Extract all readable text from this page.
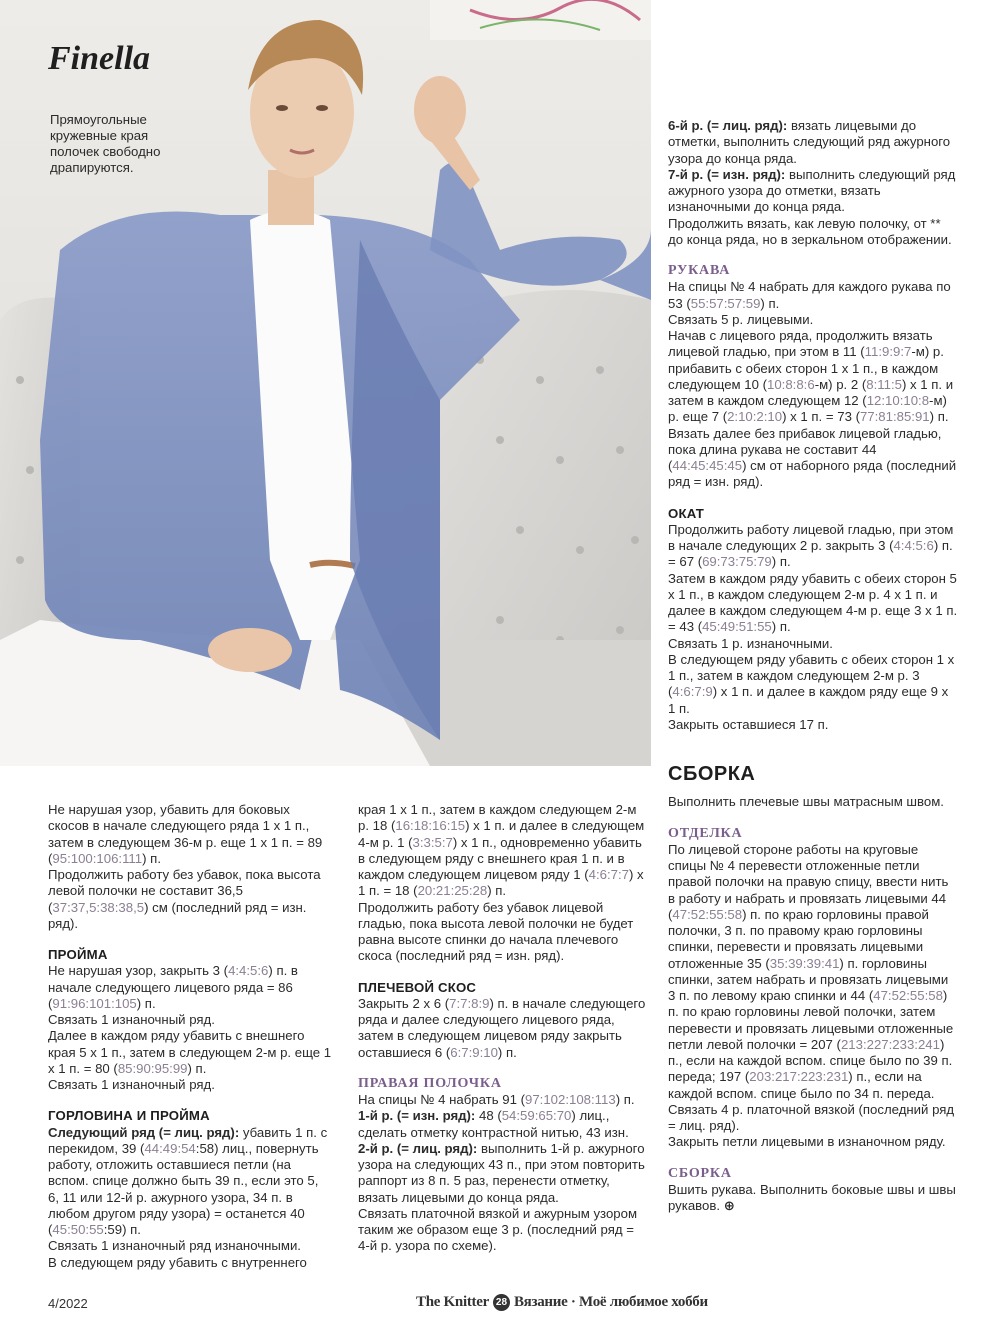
Finella

Прямоугольные кружевные края полочек свободно драпируются.

6-й р. (= лиц. ряд): вязать лицевыми до отметки, выполнить следующий ряд ажурного узора до конца ряда.

7-й р. (= изн. ряд): выполнить следующий ряд ажурного узора до отметки, вязать изнаночными до конца ряда.

Продолжить вязать, как левую полочку, от ** до конца ряда, но в зеркальном отображении.

РУКАВА

На спицы № 4 набрать для каждого рукава по 53 (55:57:57:59) п.

Связать 5 р. лицевыми.

Начав с лицевого ряда, продолжить вязать лицевой гладью, при этом в 11 (11:9:9:7-м) р. прибавить с обеих сторон 1 х 1 п., в каждом следующем 10 (10:8:8:6-м) р. 2 (8:11:5) х 1 п. и затем в каждом следующем 12 (12:10:10:8-м) р. еще 7 (2:10:2:10) х 1 п. = 73 (77:81:85:91) п.

Вязать далее без прибавок лицевой гладью, пока длина рукава не составит 44 (44:45:45:45) см от наборного ряда (последний ряд = изн. ряд).

ОКАТ

Продолжить работу лицевой гладью, при этом в начале следующих 2 р. закрыть 3 (4:4:5:6) п. = 67 (69:73:75:79) п.

Затем в каждом ряду убавить с обеих сторон 5 х 1 п., в каждом следующем 2-м р. 4 х 1 п. и далее в каждом следующем 4-м р. еще 3 х 1 п. = 43 (45:49:51:55) п.

Связать 1 р. изнаночными.

В следующем ряду убавить с обеих сторон 1 х 1 п., затем в каждом следующем 2-м р. 3 (4:6:7:9) х 1 п. и далее в каждом ряду еще 9 х 1 п.

Закрыть оставшиеся 17 п.

СБОРКА

Выполнить плечевые швы матрасным швом.

ОТДЕЛКА

По лицевой стороне работы на круговые спицы № 4 перевести отложенные петли правой полочки на правую спицу, ввести нить в работу и набрать и провязать лицевыми 44 (47:52:55:58) п. по краю горловины правой полочки, 3 п. по правому краю горловины спинки, перевести и провязать лицевыми отложенные 35 (35:39:39:41) п. горловины спинки, затем набрать и провязать лицевыми 3 п. по левому краю спинки и 44 (47:52:55:58) п. по краю горловины левой полочки, затем перевести и провязать лицевыми отложенные петли левой полочки = 207 (213:227:233:241) п., если на каждой вспом. спице было по 39 п. переда; 197 (203:217:223:231) п., если на каждой вспом. спице было по 34 п. переда.

Связать 4 р. платочной вязкой (последний ряд = лиц. ряд).

Закрыть петли лицевыми в изнаночном ряду.

СБОРКА

Вшить рукава. Выполнить боковые швы и швы рукавов. ⊕

Не нарушая узор, убавить для боковых скосов в начале следующего ряда 1 х 1 п., затем в следующем 36-м р. еще 1 х 1 п. = 89 (95:100:106:111) п.

Продолжить работу без убавок, пока высота левой полочки не составит 36,5 (37:37,5:38:38,5) см (последний ряд = изн. ряд).

ПРОЙМА

Не нарушая узор, закрыть 3 (4:4:5:6) п. в начале следующего лицевого ряда = 86 (91:96:101:105) п.

Связать 1 изнаночный ряд.

Далее в каждом ряду убавить с внешнего края 5 х 1 п., затем в следующем 2-м р. еще 1 х 1 п. = 80 (85:90:95:99) п.

Связать 1 изнаночный ряд.

ГОРЛОВИНА И ПРОЙМА

Следующий ряд (= лиц. ряд): убавить 1 п. с перекидом, 39 (44:49:54:58) лиц., повернуть работу, отложить оставшиеся петли (на вспом. спице должно быть 39 п., если это 5, 6, 11 или 12-й р. ажурного узора, 34 п. в любом другом ряду узора) = останется 40 (45:50:55:59) п.

Связать 1 изнаночный ряд изнаночными.

В следующем ряду убавить с внутреннего

края 1 х 1 п., затем в каждом следующем 2-м р. 18 (16:18:16:15) х 1 п. и далее в следующем 4-м р. 1 (3:3:5:7) х 1 п., одновременно убавить в следующем ряду с внешнего края 1 п. и в каждом следующем лицевом ряду 1 (4:6:7:7) х 1 п. = 18 (20:21:25:28) п.

Продолжить работу без убавок лицевой гладью, пока высота левой полочки не будет равна высоте спинки до начала плечевого скоса (последний ряд = изн. ряд).

ПЛЕЧЕВОЙ СКОС

Закрыть 2 х 6 (7:7:8:9) п. в начале следующего ряда и далее следующего лицевого ряда, затем в следующем лицевом ряду закрыть оставшиеся 6 (6:7:9:10) п.

ПРАВАЯ ПОЛОЧКА

На спицы № 4 набрать 91 (97:102:108:113) п.

1-й р. (= изн. ряд): 48 (54:59:65:70) лиц., сделать отметку контрастной нитью, 43 изн.

2-й р. (= лиц. ряд): выполнить 1-й р. ажурного узора на следующих 43 п., при этом повторить раппорт из 8 п. 5 раз, перенести отметку, вязать лицевыми до конца ряда.

Связать платочной вязкой и ажурным узором таким же образом еще 3 р. (последний ряд = 4-й р. узора по схеме).

4/2022	The Knitter 28 Вязание · Моё любимое хобби
